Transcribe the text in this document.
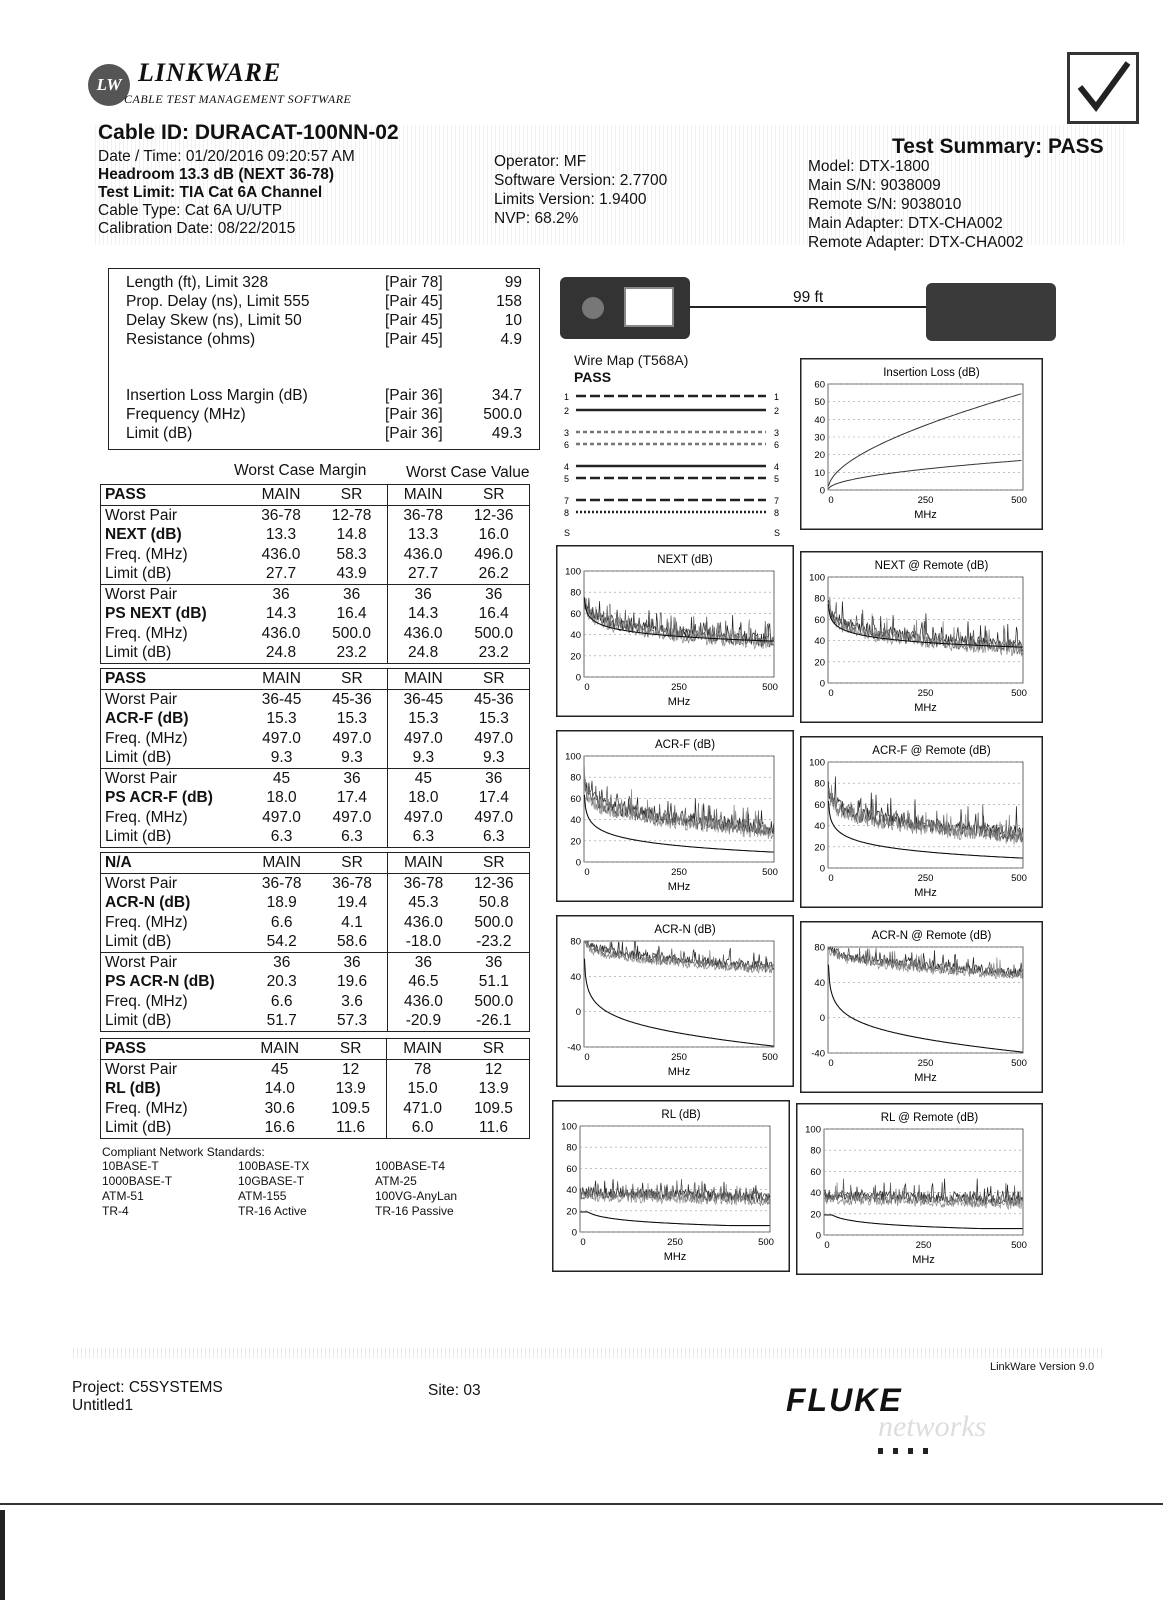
LW LINKWARE
CABLE TEST MANAGEMENT SOFTWARE
Cable ID: DURACAT-100NN-02
Date / Time: 01/20/2016 09:20:57 AM
Headroom 13.3 dB (NEXT 36-78)
Test Limit: TIA Cat 6A Channel
Cable Type: Cat 6A U/UTP
Calibration Date: 08/22/2015
Operator: MF
Software Version: 2.7700
Limits Version: 1.9400
NVP: 68.2%
Test Summary: PASS
Model: DTX-1800
Main S/N: 9038009
Remote S/N: 9038010
Main Adapter: DTX-CHA002
Remote Adapter: DTX-CHA002
Length (ft), Limit 328	[Pair 78]	99
Prop. Delay (ns), Limit 555	[Pair 45]	158
Delay Skew (ns), Limit 50	[Pair 45]	10
Resistance (ohms)	[Pair 45]	4.9
Insertion Loss Margin (dB)	[Pair 36]	34.7
Frequency (MHz)	[Pair 36]	500.0
Limit (dB)	[Pair 36]	49.3
Worst Case Margin	Worst Case Value
PASS	MAIN	SR	MAIN	SR
Worst Pair	36-78	12-78	36-78	12-36
NEXT (dB)	13.3	14.8	13.3	16.0
Freq. (MHz)	436.0	58.3	436.0	496.0
Limit (dB)	27.7	43.9	27.7	26.2
Worst Pair	36	36	36	36
PS NEXT (dB)	14.3	16.4	14.3	16.4
Freq. (MHz)	436.0	500.0	436.0	500.0
Limit (dB)	24.8	23.2	24.8	23.2
PASS	MAIN	SR	MAIN	SR
Worst Pair	36-45	45-36	36-45	45-36
ACR-F (dB)	15.3	15.3	15.3	15.3
Freq. (MHz)	497.0	497.0	497.0	497.0
Limit (dB)	9.3	9.3	9.3	9.3
Worst Pair	45	36	45	36
PS ACR-F (dB)	18.0	17.4	18.0	17.4
Freq. (MHz)	497.0	497.0	497.0	497.0
Limit (dB)	6.3	6.3	6.3	6.3
N/A	MAIN	SR	MAIN	SR
Worst Pair	36-78	36-78	36-78	12-36
ACR-N (dB)	18.9	19.4	45.3	50.8
Freq. (MHz)	6.6	4.1	436.0	500.0
Limit (dB)	54.2	58.6	-18.0	-23.2
Worst Pair	36	36	36	36
PS ACR-N (dB)	20.3	19.6	46.5	51.1
Freq. (MHz)	6.6	3.6	436.0	500.0
Limit (dB)	51.7	57.3	-20.9	-26.1
PASS	MAIN	SR	MAIN	SR
Worst Pair	45	12	78	12
RL (dB)	14.0	13.9	15.0	13.9
Freq. (MHz)	30.6	109.5	471.0	109.5
Limit (dB)	16.6	11.6	6.0	11.6
Compliant Network Standards:
10BASE-T
1000BASE-T
ATM-51
TR-4
100BASE-TX
10GBASE-T
ATM-155
TR-16 Active
100BASE-T4
ATM-25
100VG-AnyLan
TR-16 Passive
99 ft
Wire Map (T568A)
PASS
1	1
2	2
3	3
6	6
4	4
5	5
7	7
8	8
S	S
Insertion Loss (dB)
60
50
40
30
20
10
0
0	250	500
MHz
NEXT (dB)
100
80
60
40
20
0
0	250	500
MHz
NEXT @ Remote (dB)
100
80
60
40
20
0
0	250	500
MHz
ACR-F (dB)
100
80
60
40
20
0
0	250	500
MHz
ACR-F @ Remote (dB)
100
80
60
40
20
0
0	250	500
MHz
ACR-N (dB)
80
40
0
-40
0	250	500
MHz
ACR-N @ Remote (dB)
80
40
0
-40
0	250	500
MHz
RL (dB)
100
80
60
40
20
0
0	250	500
MHz
RL @ Remote (dB)
100
80
60
40
20
0
0	250	500
MHz
LinkWare Version 9.0
Project: C5SYSTEMS
Untitled1
Site: 03	FLUKE
networks
